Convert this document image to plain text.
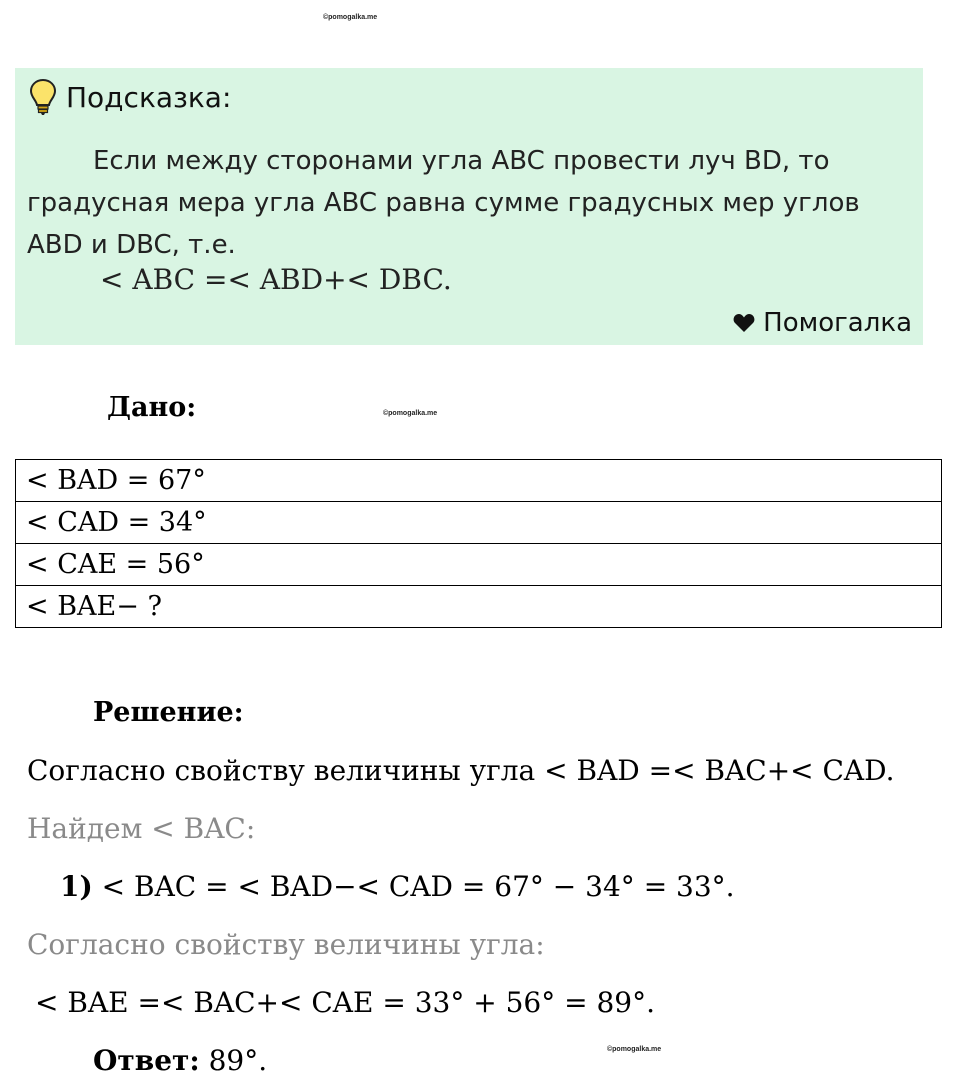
©pomogalka.me
Подсказка:
Если между сторонами угла ABC провести луч BD, то
градусная мера угла ABC равна сумме градусных мер углов
ABD и DBC, т.е.
< ABC =< ABD+< DBC.
Помогалка
Дано:	©pomogalka.me
< BAD = 67°
< CAD = 34°
< CAE = 56°
< BAE− ?
Решение:
Согласно свойству величины угла < BAD =< BAC+< CAD.
Найдем < BAC:
1) < BAC = < BAD−< CAD = 67° − 34° = 33°.
Согласно свойству величины угла:
< BAE =< BAC+< CAE = 33° + 56° = 89°.
Ответ: 89°.	©pomogalka.me
